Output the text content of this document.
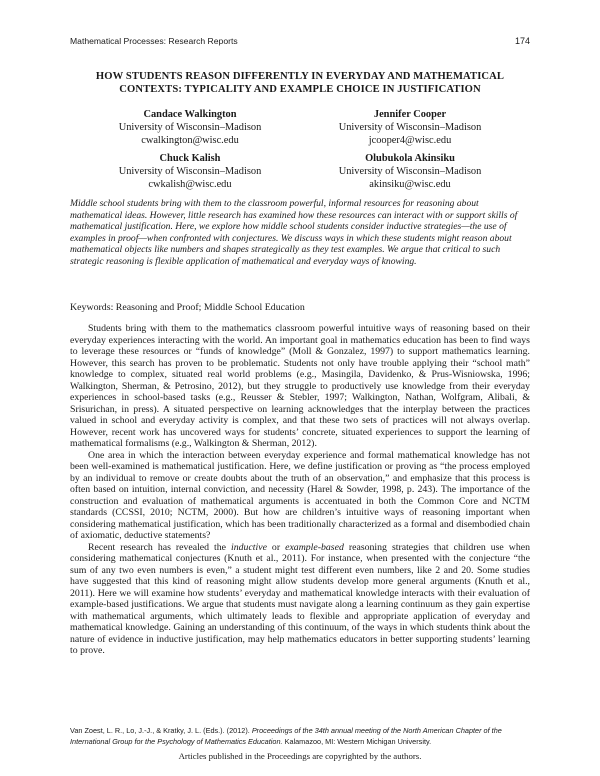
Mathematical Processes: Research Reports	174
HOW STUDENTS REASON DIFFERENTLY IN EVERYDAY AND MATHEMATICAL
CONTEXTS: TYPICALITY AND EXAMPLE CHOICE IN JUSTIFICATION
Candace Walkington
University of Wisconsin–Madison
cwalkington@wisc.edu
Jennifer Cooper
University of Wisconsin–Madison
jcooper4@wisc.edu
Chuck Kalish
University of Wisconsin–Madison
cwkalish@wisc.edu
Olubukola Akinsiku
University of Wisconsin–Madison
akinsiku@wisc.edu
Middle school students bring with them to the classroom powerful, informal resources for reasoning about mathematical ideas. However, little research has examined how these resources can interact with or support skills of mathematical justification. Here, we explore how middle school students consider inductive strategies—the use of examples in proof—when confronted with conjectures. We discuss ways in which these students might reason about mathematical objects like numbers and shapes strategically as they test examples. We argue that critical to such strategic reasoning is flexible application of mathematical and everyday ways of knowing.
Keywords: Reasoning and Proof; Middle School Education

Students bring with them to the mathematics classroom powerful intuitive ways of reasoning based on their everyday experiences interacting with the world. An important goal in mathematics education has been to find ways to leverage these resources or “funds of knowledge” (Moll & Gonzalez, 1997) to support mathematics learning. However, this search has proven to be problematic. Students not only have trouble applying their “school math” knowledge to complex, situated real world problems (e.g., Masingila, Davidenko, & Prus-Wisniowska, 1996; Walkington, Sherman, & Petrosino, 2012), but they struggle to productively use knowledge from their everyday experiences in school-based tasks (e.g., Reusser & Stebler, 1997; Walkington, Nathan, Wolfgram, Alibali, & Srisurichan, in press). A situated perspective on learning acknowledges that the interplay between the practices valued in school and everyday activity is complex, and that these two sets of practices will not always overlap. However, recent work has uncovered ways for students’ concrete, situated experiences to support the learning of mathematical formalisms (e.g., Walkington & Sherman, 2012).

One area in which the interaction between everyday experience and formal mathematical knowledge has not been well-examined is mathematical justification. Here, we define justification or proving as “the process employed by an individual to remove or create doubts about the truth of an observation,” and emphasize that this process is often based on intuition, internal conviction, and necessity (Harel & Sowder, 1998, p. 243). The importance of the construction and evaluation of mathematical arguments is accentuated in both the Common Core and NCTM standards (CCSSI, 2010; NCTM, 2000). But how are children’s intuitive ways of reasoning important when considering mathematical justification, which has been traditionally characterized as a formal and disembodied chain of axiomatic, deductive statements?

Recent research has revealed the inductive or example-based reasoning strategies that children use when considering mathematical conjectures (Knuth et al., 2011). For instance, when presented with the conjecture “the sum of any two even numbers is even,” a student might test different even numbers, like 2 and 20. Some studies have suggested that this kind of reasoning might allow students develop more general arguments (Knuth et al., 2011). Here we will examine how students’ everyday and mathematical knowledge interacts with their evaluation of example-based justifications. We argue that students must navigate along a learning continuum as they gain expertise with mathematical arguments, which ultimately leads to flexible and appropriate application of everyday and mathematical knowledge. Gaining an understanding of this continuum, of the ways in which students think about the nature of evidence in inductive justification, may help mathematics educators in better supporting students’ learning to prove.

Van Zoest, L. R., Lo, J.-J., & Kratky, J. L. (Eds.). (2012). Proceedings of the 34th annual meeting of the North American Chapter of the International Group for the Psychology of Mathematics Education. Kalamazoo, MI: Western Michigan University.
Articles published in the Proceedings are copyrighted by the authors.
